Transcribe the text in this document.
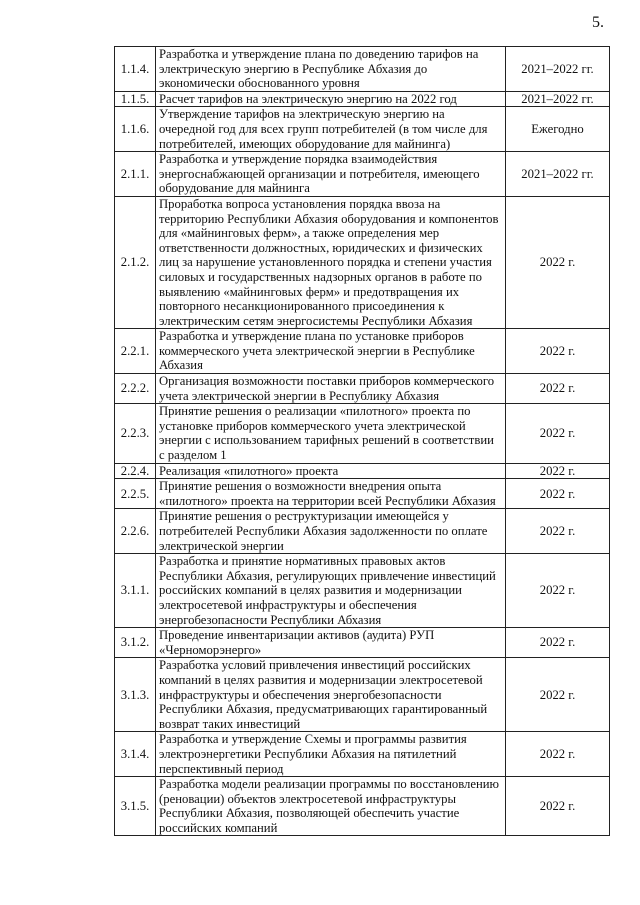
5.
1.1.4.	Разработка и утверждение плана по доведению тарифов на электрическую энергию в Республике Абхазия до экономически обоснованного уровня	2021–2022 гг.
1.1.5.	Расчет тарифов на электрическую энергию на 2022 год	2021–2022 гг.
1.1.6.	Утверждение тарифов на электрическую энергию на очередной год для всех групп потребителей (в том числе для потребителей, имеющих оборудование для майнинга)	Ежегодно
2.1.1.	Разработка и утверждение порядка взаимодействия энергоснабжающей организации и потребителя, имеющего оборудование для майнинга	2021–2022 гг.
2.1.2.	Проработка вопроса установления порядка ввоза на территорию Республики Абхазия оборудования и компонентов для «майнинговых ферм», а также определения мер ответственности должностных, юридических и физических лиц за нарушение установленного порядка и степени участия силовых и государственных надзорных органов в работе по выявлению «майнинговых ферм» и предотвращения их повторного несанкционированного присоединения к электрическим сетям энергосистемы Республики Абхазия	2022 г.
2.2.1.	Разработка и утверждение плана по установке приборов коммерческого учета электрической энергии в Республике Абхазия	2022 г.
2.2.2.	Организация возможности поставки приборов коммерческого учета электрической энергии в Республику Абхазия	2022 г.
2.2.3.	Принятие решения о реализации «пилотного» проекта по установке приборов коммерческого учета электрической энергии с использованием тарифных решений в соответствии с разделом 1	2022 г.
2.2.4.	Реализация «пилотного» проекта	2022 г.
2.2.5.	Принятие решения о возможности внедрения опыта «пилотного» проекта на территории всей Республики Абхазия	2022 г.
2.2.6.	Принятие решения о реструктуризации имеющейся у потребителей Республики Абхазия задолженности по оплате электрической энергии	2022 г.
3.1.1.	Разработка и принятие нормативных правовых актов Республики Абхазия, регулирующих привлечение инвестиций российских компаний в целях развития и модернизации электросетевой инфраструктуры и обеспечения энергобезопасности Республики Абхазия	2022 г.
3.1.2.	Проведение инвентаризации активов (аудита) РУП «Черноморэнерго»	2022 г.
3.1.3.	Разработка условий привлечения инвестиций российских компаний в целях развития и модернизации электросетевой инфраструктуры и обеспечения энергобезопасности Республики Абхазия, предусматривающих гарантированный возврат таких инвестиций	2022 г.
3.1.4.	Разработка и утверждение Схемы и программы развития электроэнергетики Республики Абхазия на пятилетний перспективный период	2022 г.
3.1.5.	Разработка модели реализации программы по восстановлению (реновации) объектов электросетевой инфраструктуры Республики Абхазия, позволяющей обеспечить участие российских компаний	2022 г.
